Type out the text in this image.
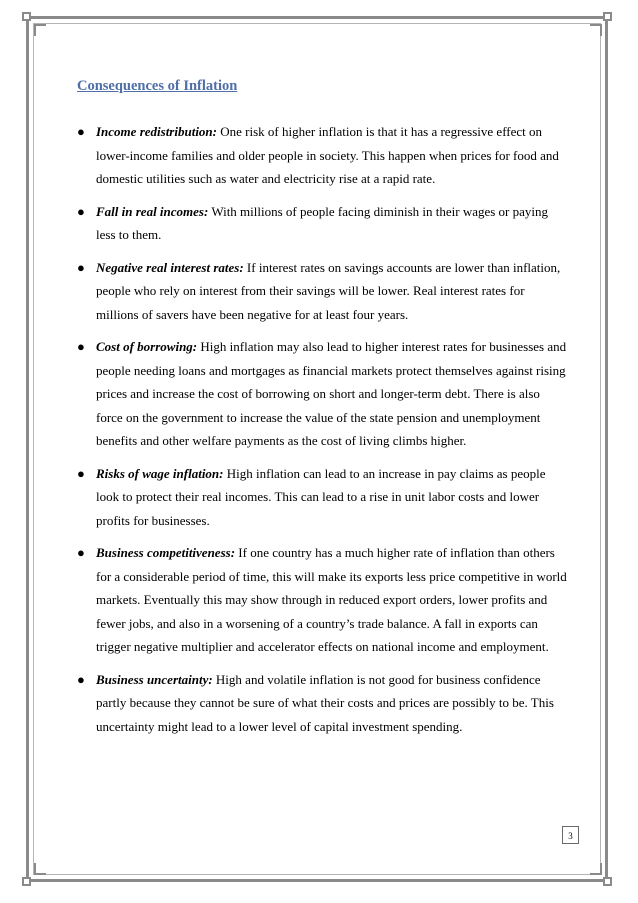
Consequences of Inflation
● Income redistribution: One risk of higher inflation is that it has a regressive effect on lower-income families and older people in society. This happen when prices for food and domestic utilities such as water and electricity rise at a rapid rate.
● Fall in real incomes: With millions of people facing diminish in their wages or paying less to them.
● Negative real interest rates: If interest rates on savings accounts are lower than inflation, people who rely on interest from their savings will be lower. Real interest rates for millions of savers have been negative for at least four years.
● Cost of borrowing: High inflation may also lead to higher interest rates for businesses and people needing loans and mortgages as financial markets protect themselves against rising prices and increase the cost of borrowing on short and longer-term debt. There is also force on the government to increase the value of the state pension and unemployment benefits and other welfare payments as the cost of living climbs higher.
● Risks of wage inflation: High inflation can lead to an increase in pay claims as people look to protect their real incomes. This can lead to a rise in unit labor costs and lower profits for businesses.
● Business competitiveness: If one country has a much higher rate of inflation than others for a considerable period of time, this will make its exports less price competitive in world markets. Eventually this may show through in reduced export orders, lower profits and fewer jobs, and also in a worsening of a country’s trade balance. A fall in exports can trigger negative multiplier and accelerator effects on national income and employment.
● Business uncertainty: High and volatile inflation is not good for business confidence partly because they cannot be sure of what their costs and prices are possibly to be. This uncertainty might lead to a lower level of capital investment spending.
3
